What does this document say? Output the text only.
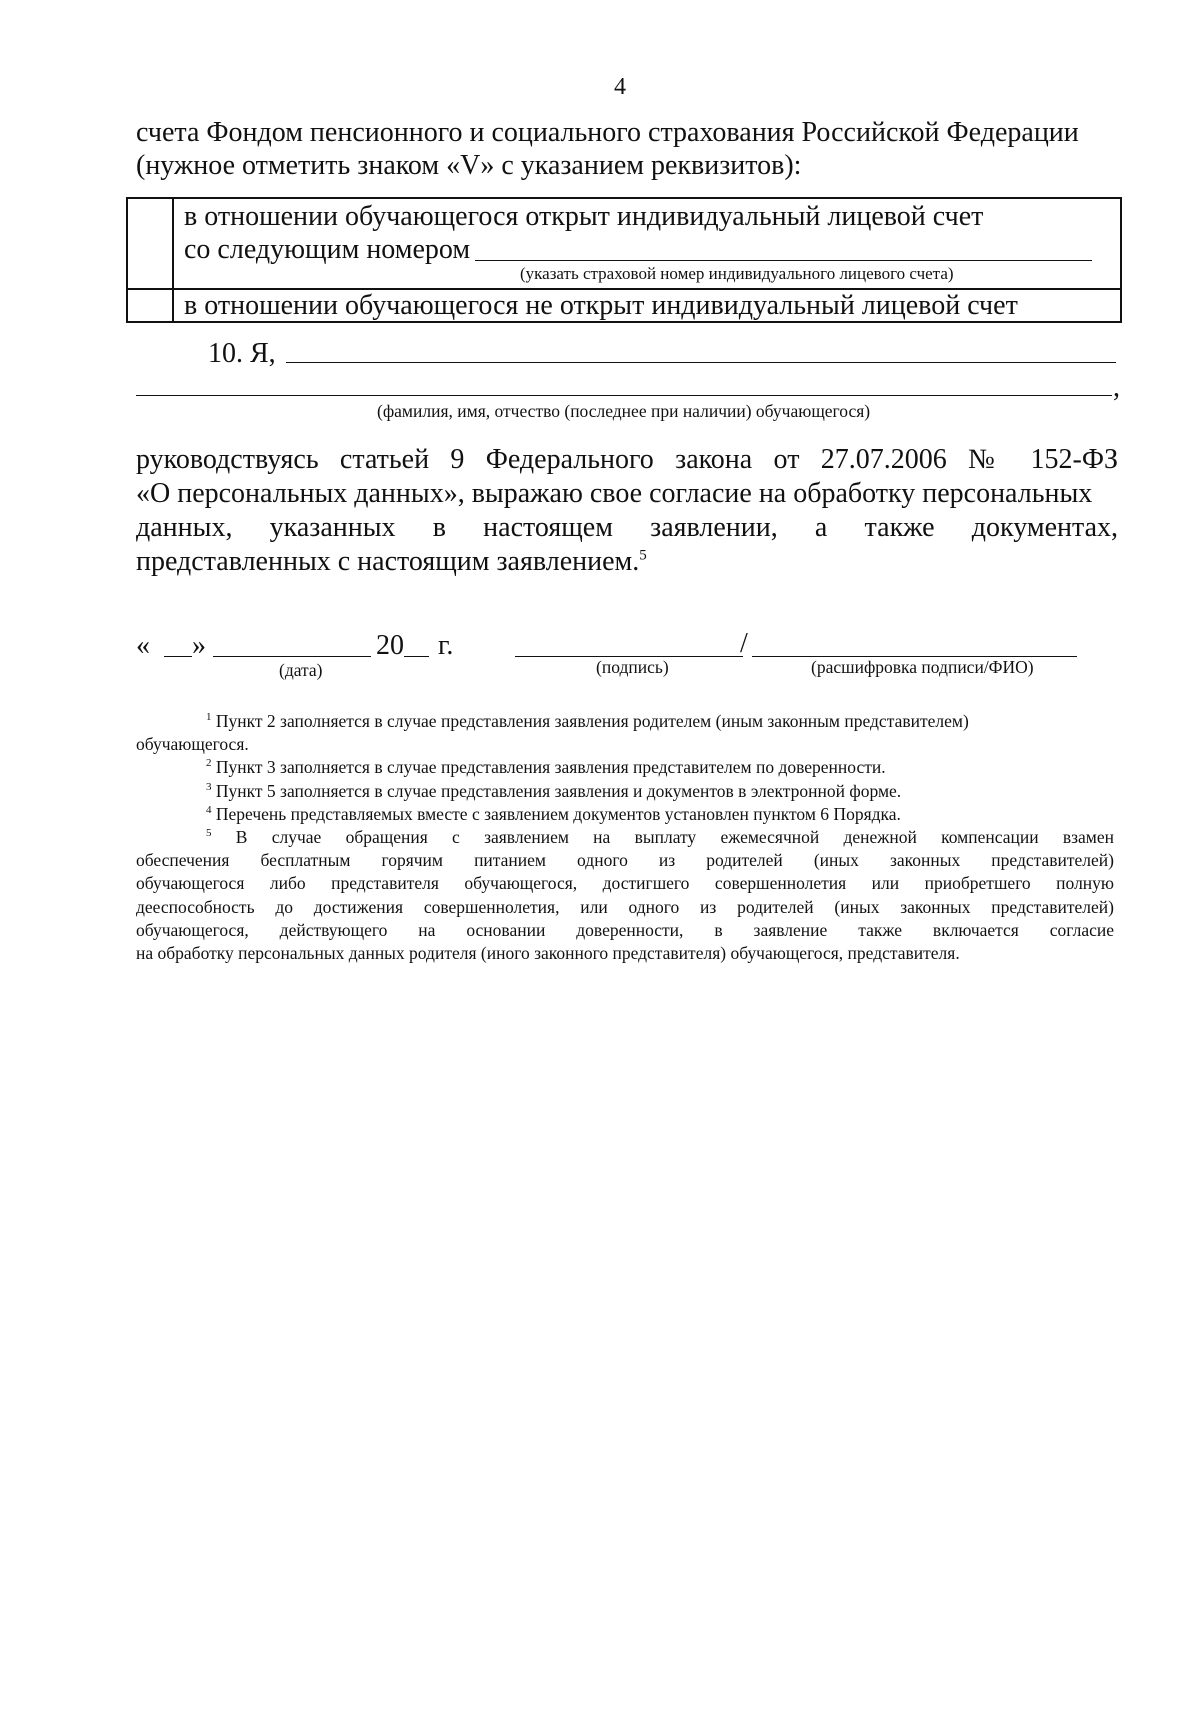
4
счета Фондом пенсионного и социального страхования Российской Федерации
(нужное отметить знаком «V» с указанием реквизитов):

	в отношении обучающегося открыт индивидуальный лицевой счет
со следующим номером
(указать страховой номер индивидуального лицевого счета)

	в отношении обучающегося не открыт индивидуальный лицевой счет
10. Я,
,
(фамилия, имя, отчество (последнее при наличии) обучающегося)
руководствуясь статьей 9 Федерального закона от 27.07.2006 № 152-ФЗ
«О персональных данных», выражаю свое согласие на обработку персональных
данных, указанных в настоящем заявлении, а также документах,
представленных с настоящим заявлением.$^5$
« »	20 г.	/
(дата)	(подпись)	(расшифровка подписи/ФИО)
$^1$ Пункт 2 заполняется в случае представления заявления родителем (иным законным представителем)
обучающегося.
$^2$ Пункт 3 заполняется в случае представления заявления представителем по доверенности.
$^3$ Пункт 5 заполняется в случае представления заявления и документов в электронной форме.
$^4$ Перечень представляемых вместе с заявлением документов установлен пунктом 6 Порядка.
$^5$ В случае обращения с заявлением на выплату ежемесячной денежной компенсации взамен
обеспечения бесплатным горячим питанием одного из родителей (иных законных представителей)
обучающегося либо представителя обучающегося, достигшего совершеннолетия или приобретшего полную
дееспособность до достижения совершеннолетия, или одного из родителей (иных законных представителей)
обучающегося, действующего на основании доверенности, в заявление также включается согласие
на обработку персональных данных родителя (иного законного представителя) обучающегося, представителя.
